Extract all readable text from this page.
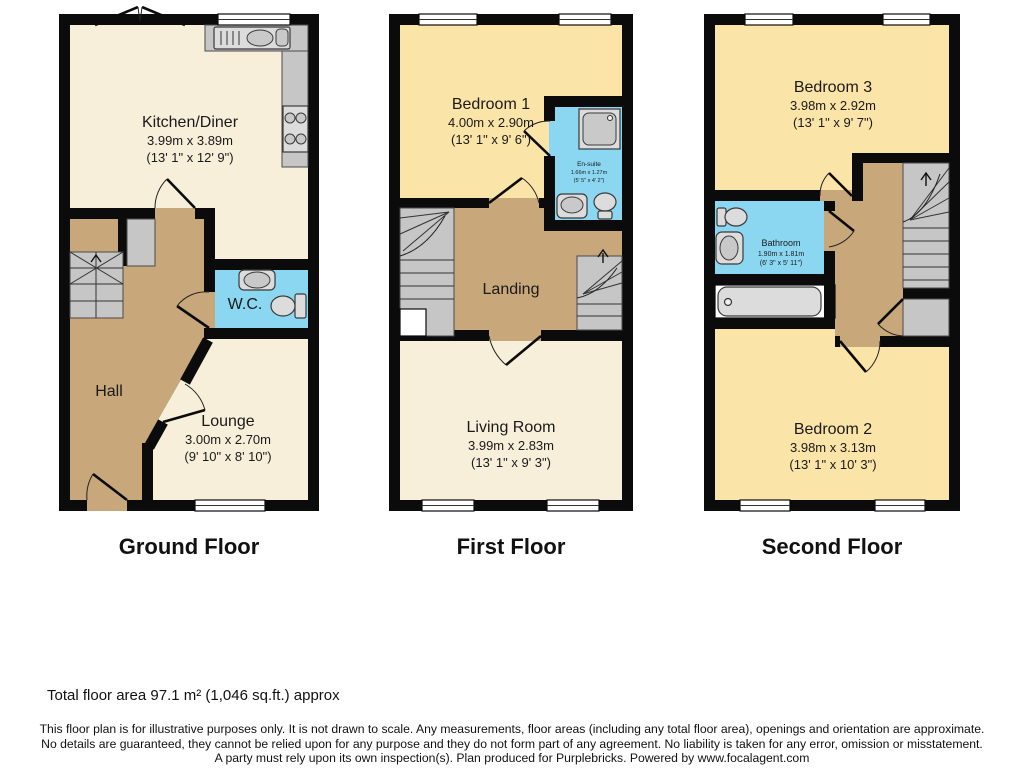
Kitchen/Diner
3.99m x 3.89m
(13' 1" x 12' 9")
W.C.
Hall
Lounge
3.00m x 2.70m
(9' 10" x 8' 10")
Ground Floor
Bedroom 1
4.00m x 2.90m
(13' 1" x 9' 6")
En-suite
1.66m x 1.27m
(5' 5" x 4' 2")
Landing
Living Room
3.99m x 2.83m
(13' 1" x 9' 3")
First Floor
Bedroom 3
3.98m x 2.92m
(13' 1" x 9' 7")
Bathroom
1.90m x 1.81m
(6' 3" x 5' 11")
Bedroom 2
3.98m x 3.13m
(13' 1" x 10' 3")
Second Floor
Total floor area 97.1 m² (1,046 sq.ft.) approx
This floor plan is for illustrative purposes only. It is not drawn to scale. Any measurements, floor areas (including any total floor area), openings and orientation are approximate. No details are guaranteed, they cannot be relied upon for any purpose and they do not form part of any agreement. No liability is taken for any error, omission or misstatement. A party must rely upon its own inspection(s). Plan produced for Purplebricks. Powered by www.focalagent.com
